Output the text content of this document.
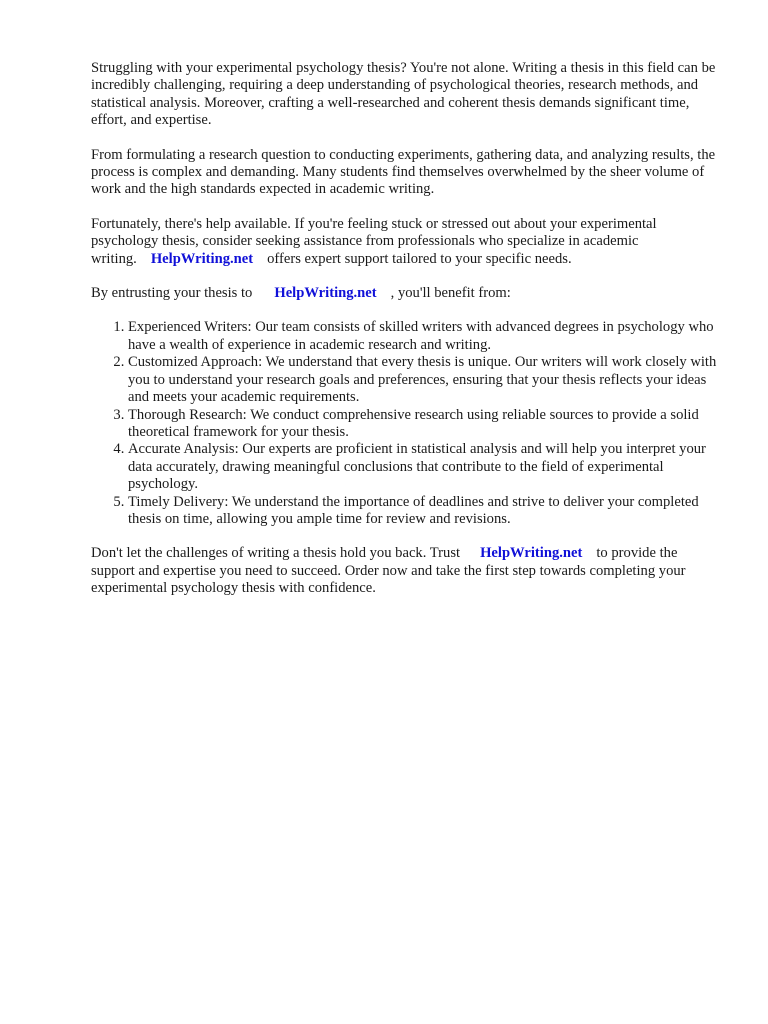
Struggling with your experimental psychology thesis? You're not alone. Writing a thesis in this field can be incredibly challenging, requiring a deep understanding of psychological theories, research methods, and statistical analysis. Moreover, crafting a well-researched and coherent thesis demands significant time, effort, and expertise.

From formulating a research question to conducting experiments, gathering data, and analyzing results, the process is complex and demanding. Many students find themselves overwhelmed by the sheer volume of work and the high standards expected in academic writing.

Fortunately, there's help available. If you're feeling stuck or stressed out about your experimental psychology thesis, consider seeking assistance from professionals who specialize in academic writing. HelpWriting.net offers expert support tailored to your specific needs.

By entrusting your thesis to HelpWriting.net , you'll benefit from:

1. Experienced Writers: Our team consists of skilled writers with advanced degrees in psychology who have a wealth of experience in academic research and writing.
2. Customized Approach: We understand that every thesis is unique. Our writers will work closely with you to understand your research goals and preferences, ensuring that your thesis reflects your ideas and meets your academic requirements.
3. Thorough Research: We conduct comprehensive research using reliable sources to provide a solid theoretical framework for your thesis.
4. Accurate Analysis: Our experts are proficient in statistical analysis and will help you interpret your data accurately, drawing meaningful conclusions that contribute to the field of experimental psychology.
5. Timely Delivery: We understand the importance of deadlines and strive to deliver your completed thesis on time, allowing you ample time for review and revisions.

Don't let the challenges of writing a thesis hold you back. Trust HelpWriting.net to provide the support and expertise you need to succeed. Order now and take the first step towards completing your experimental psychology thesis with confidence.
